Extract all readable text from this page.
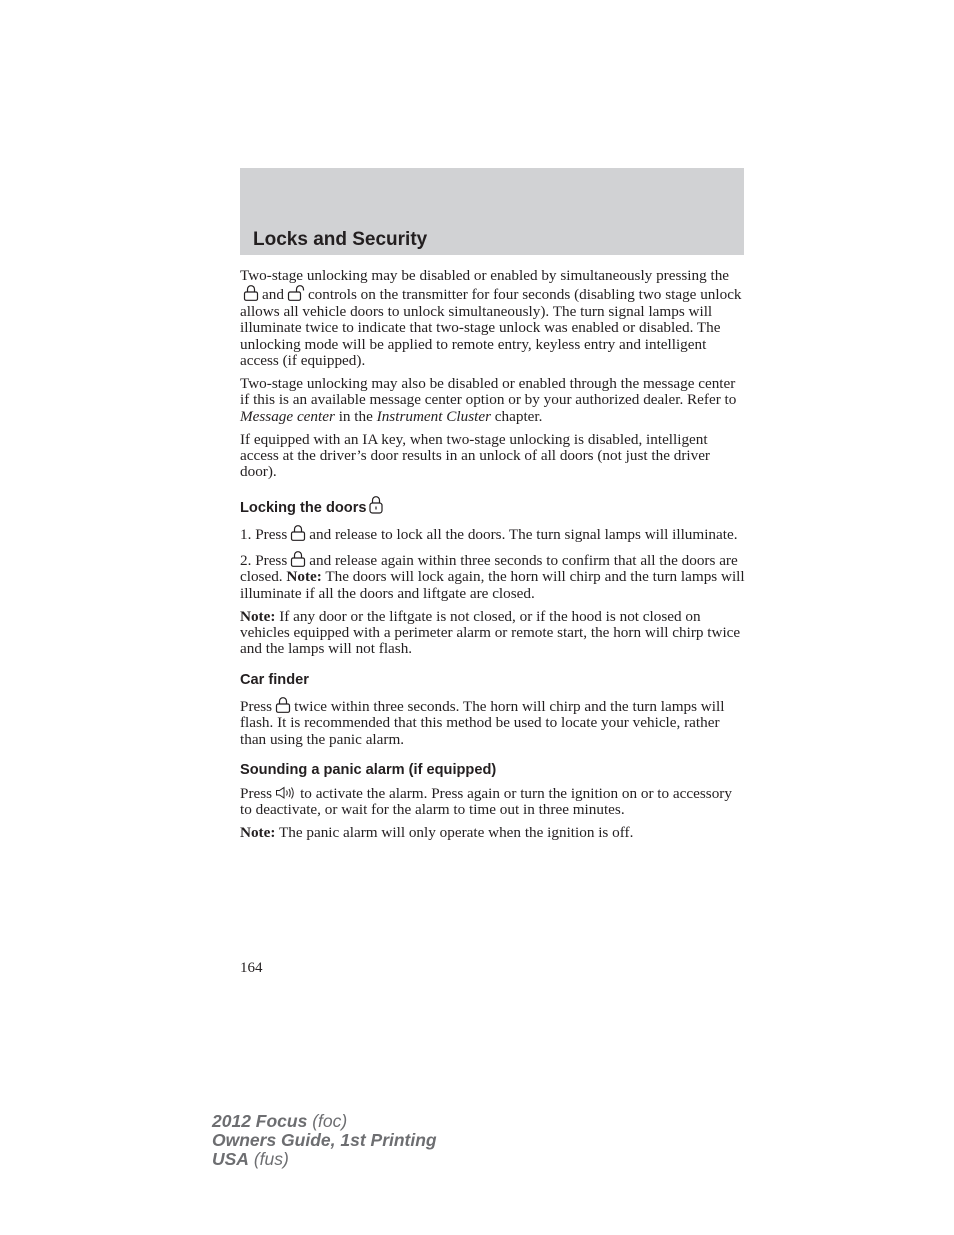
Locks and Security

Two-stage unlocking may be disabled or enabled by simultaneously pressing the
and controls on the transmitter for four seconds (disabling two stage unlock allows all vehicle doors to unlock simultaneously). The turn signal lamps will illuminate twice to indicate that two-stage unlock was enabled or disabled. The unlocking mode will be applied to remote entry, keyless entry and intelligent access (if equipped).

Two-stage unlocking may also be disabled or enabled through the message center if this is an available message center option or by your authorized dealer. Refer to Message center in the Instrument Cluster chapter.

If equipped with an IA key, when two-stage unlocking is disabled, intelligent access at the driver’s door results in an unlock of all doors (not just the driver door).

Locking the doors

1. Press and release to lock all the doors. The turn signal lamps will illuminate.

2. Press and release again within three seconds to confirm that all the doors are closed. Note: The doors will lock again, the horn will chirp and the turn lamps will illuminate if all the doors and liftgate are closed.

Note: If any door or the liftgate is not closed, or if the hood is not closed on vehicles equipped with a perimeter alarm or remote start, the horn will chirp twice and the lamps will not flash.

Car finder

Press twice within three seconds. The horn will chirp and the turn lamps will flash. It is recommended that this method be used to locate your vehicle, rather than using the panic alarm.

Sounding a panic alarm (if equipped)

Press to activate the alarm. Press again or turn the ignition on or to accessory to deactivate, or wait for the alarm to time out in three minutes.

Note: The panic alarm will only operate when the ignition is off.

164
2012 Focus (foc)
Owners Guide, 1st Printing
USA (fus)
